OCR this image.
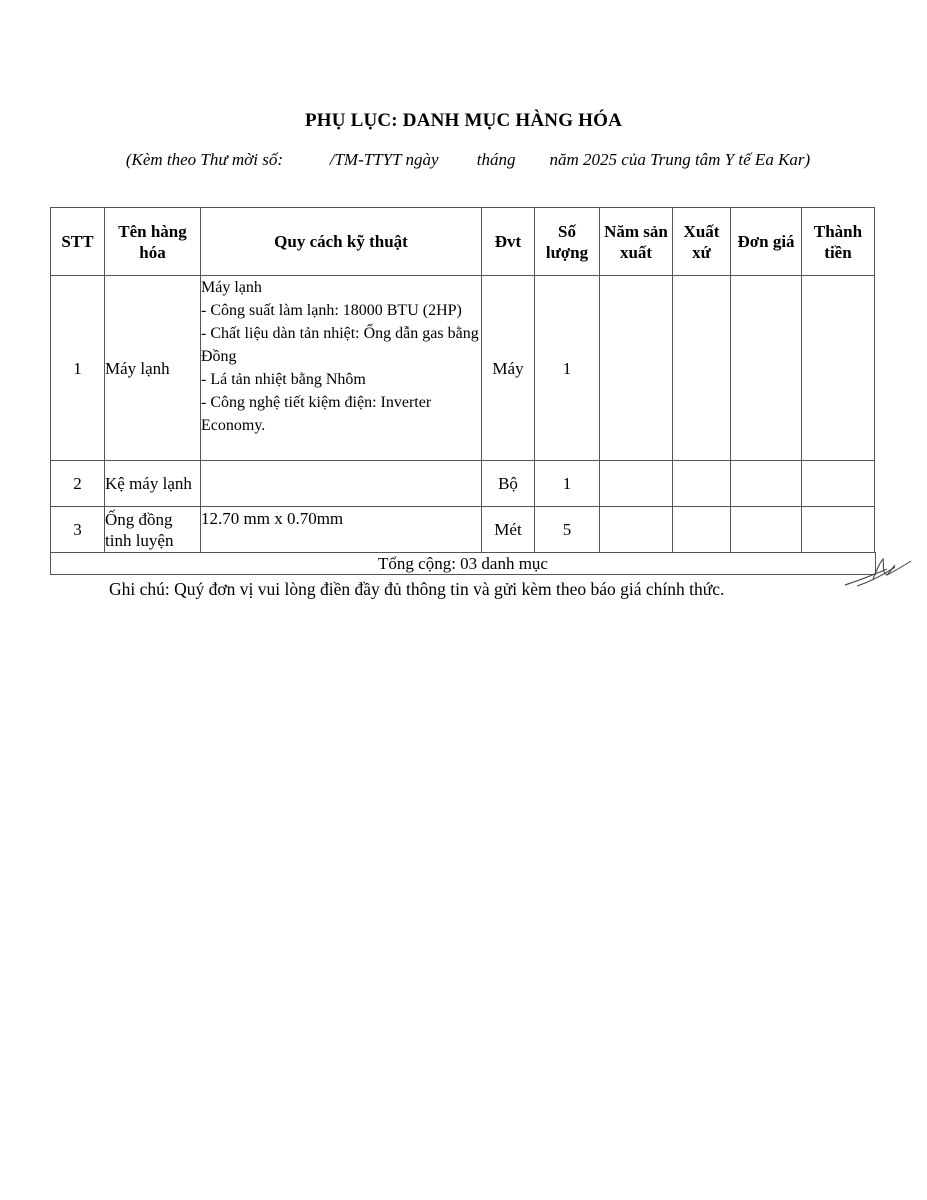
PHỤ LỤC: DANH MỤC HÀNG HÓA
(Kèm theo Thư mời số:           /TM-TTYT ngày         tháng        năm 2025 của Trung tâm Y tế Ea Kar)
STT	Tên hàng hóa	Quy cách kỹ thuật	Đvt	Số lượng	Năm sản xuất	Xuất xứ	Đơn giá	Thành tiền
1	Máy lạnh	Máy lạnh
- Công suất làm lạnh: 18000 BTU (2HP)
- Chất liệu dàn tản nhiệt: Ống dẫn gas bằng Đồng
- Lá tản nhiệt bằng Nhôm
- Công nghệ tiết kiệm điện: Inverter Economy.	Máy	1				
2	Kệ máy lạnh		Bộ	1				
3	Ống đồng tinh luyện	12.70 mm x 0.70mm	Mét	5				
Tổng cộng: 03 danh mục
Ghi chú: Quý đơn vị vui lòng điền đầy đủ thông tin và gửi kèm theo báo giá chính thức.
